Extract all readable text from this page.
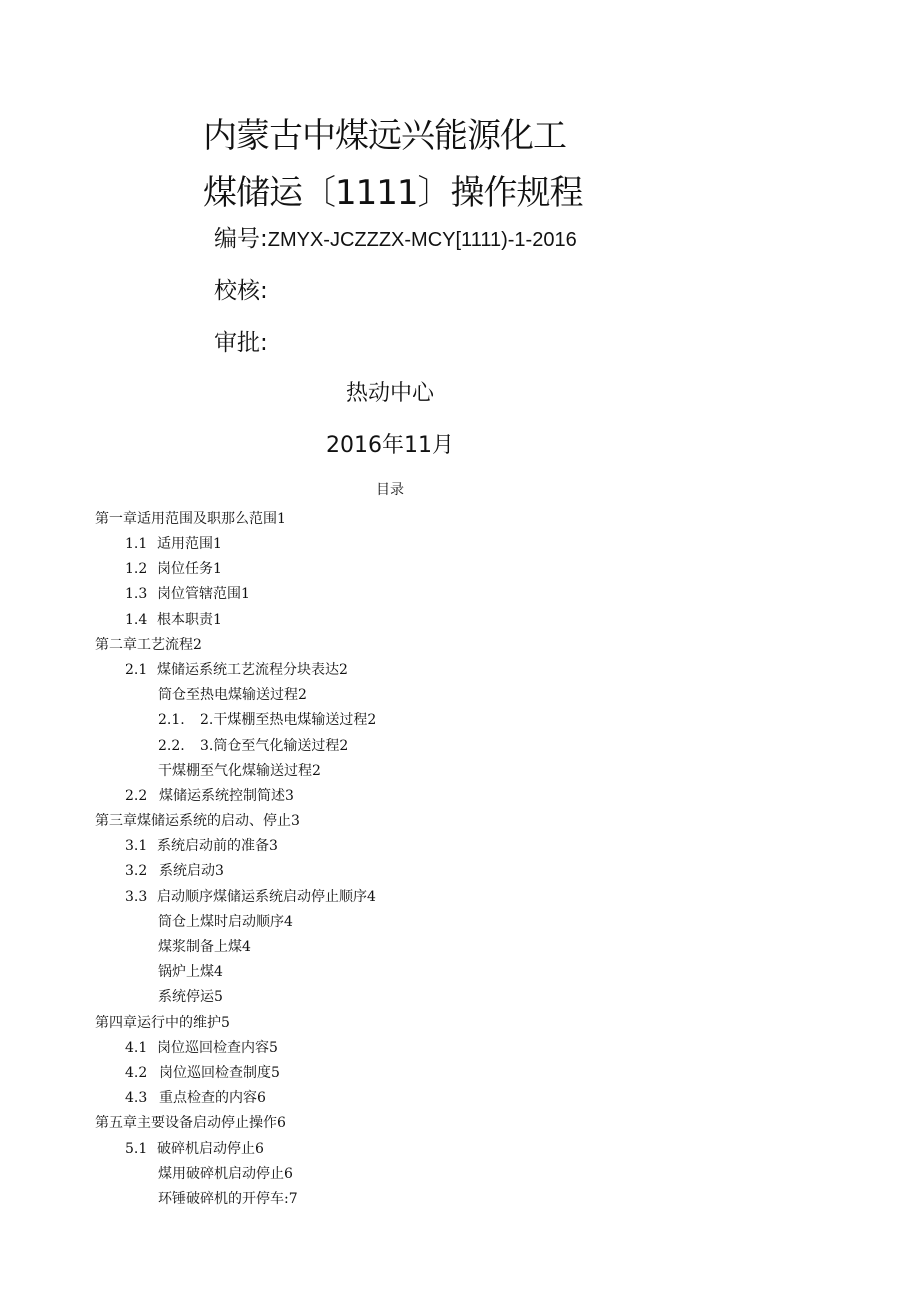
内蒙古中煤远兴能源化工
煤储运〔1111〕操作规程
编号:ZMYX-JCZZZX-MCY[1111)-1-2016
校核:
审批:
热动中心
2016年11月
目录
第一章适用范围及职那么范围1
1.1 适用范围1
1.2 岗位任务1
1.3 岗位管辖范围1
1.4 根本职责1
第二章工艺流程2
2.1 煤储运系统工艺流程分块表达2
筒仓至热电煤输送过程2
2.1. 2.干煤棚至热电煤输送过程2
2.2. 3.筒仓至气化输送过程2
干煤棚至气化煤输送过程2
2.2 煤储运系统控制简述3
第三章煤储运系统的启动、停止3
3.1 系统启动前的准备3
3.2 系统启动3
3.3 启动顺序煤储运系统启动停止顺序4
筒仓上煤时启动顺序4
煤浆制备上煤4
锅炉上煤4
系统停运5
第四章运行中的维护5
4.1 岗位巡回检查内容5
4.2 岗位巡回检查制度5
4.3 重点检查的内容6
第五章主要设备启动停止操作6
5.1 破碎机启动停止6
煤用破碎机启动停止6
环锤破碎机的开停车:7
